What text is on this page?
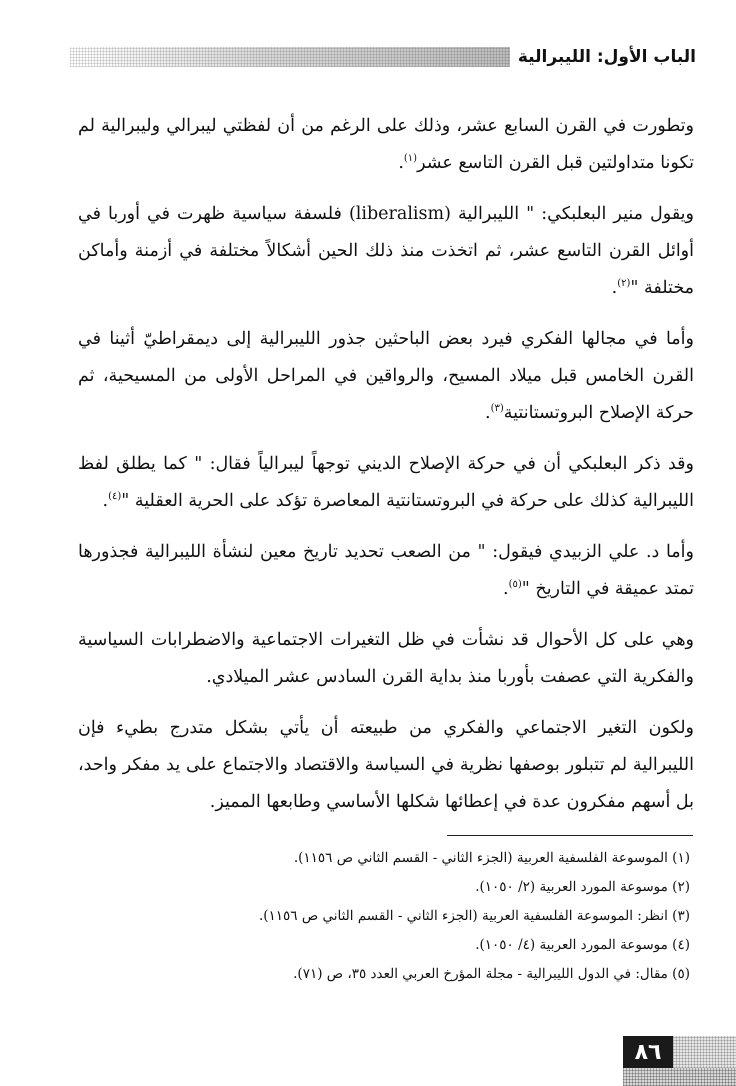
الباب الأول: الليبرالية

وتطورت في القرن السابع عشر، وذلك على الرغم من أن لفظتي ليبرالي وليبرالية لم تكونا متداولتين قبل القرن التاسع عشر$^{(١)}$.

ويقول منير البعلبكي: " الليبرالية (liberalism) فلسفة سياسية ظهرت في أوربا في أوائل القرن التاسع عشر، ثم اتخذت منذ ذلك الحين أشكالاً مختلفة في أزمنة وأماكن مختلفة "$^{(٢)}$.

وأما في مجالها الفكري فيرد بعض الباحثين جذور الليبرالية إلى ديمقراطيّ أثينا في القرن الخامس قبل ميلاد المسيح، والرواقين في المراحل الأولى من المسيحية، ثم حركة الإصلاح البروتستانتية$^{(٣)}$.

وقد ذكر البعلبكي أن في حركة الإصلاح الديني توجهاً ليبرالياً فقال: " كما يطلق لفظ الليبرالية كذلك على حركة في البروتستانتية المعاصرة تؤكد على الحرية العقلية "$^{(٤)}$.

وأما د. علي الزبيدي فيقول: " من الصعب تحديد تاريخ معين لنشأة الليبرالية فجذورها تمتد عميقة في التاريخ "$^{(٥)}$.

وهي على كل الأحوال قد نشأت في ظل التغيرات الاجتماعية والاضطرابات السياسية والفكرية التي عصفت بأوربا منذ بداية القرن السادس عشر الميلادي.

ولكون التغير الاجتماعي والفكري من طبيعته أن يأتي بشكل متدرج بطيء فإن الليبرالية لم تتبلور بوصفها نظرية في السياسة والاقتصاد والاجتماع على يد مفكر واحد، بل أسهم مفكرون عدة في إعطائها شكلها الأساسي وطابعها المميز.

(١) الموسوعة الفلسفية العربية (الجزء الثاني - القسم الثاني ص ١١٥٦).

(٢) موسوعة المورد العربية (٢/ ١٠٥٠).

(٣) انظر: الموسوعة الفلسفية العربية (الجزء الثاني - القسم الثاني ص ١١٥٦).

(٤) موسوعة المورد العربية (٤/ ١٠٥٠).

(٥) مقال: في الدول الليبرالية - مجلة المؤرخ العربي العدد ٣٥، ص (٧١).

٨٦
